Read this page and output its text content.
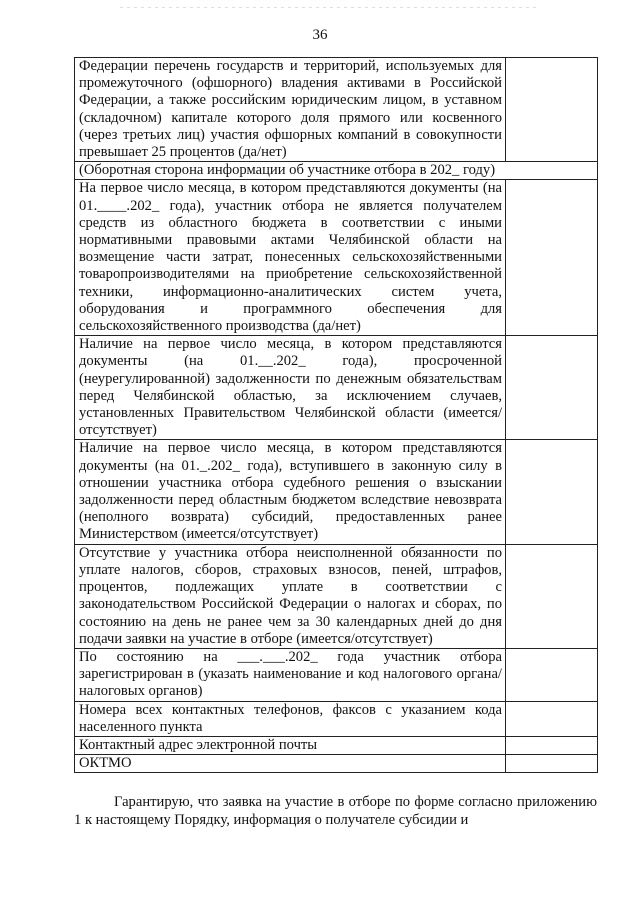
36
Федерации перечень государств и территорий, используемых для промежуточного (офшорного) владения активами в Российской Федерации, а также российским юридическим лицом, в уставном (складочном) капитале которого доля прямого или косвенного (через третьих лиц) участия офшорных компаний в совокупности превышает 25 процентов (да/нет)	
(Оборотная сторона информации об участнике отбора в 202_ году)	
На первое число месяца, в котором представляются документы (на 01.____.202_ года), участник отбора не является получателем средств из областного бюджета в соответствии с иными нормативными правовыми актами Челябинской области на возмещение части затрат, понесенных сельскохозяйственными товаропроизводителями на приобретение сельскохозяйственной техники, информационно-аналитических систем учета, оборудования и программного обеспечения для сельскохозяйственного производства (да/нет)	
Наличие на первое число месяца, в котором представляются документы (на 01.__.202_ года), просроченной (неурегулированной) задолженности по денежным обязательствам перед Челябинской областью, за исключением случаев, установленных Правительством Челябинской области (имеется/отсутствует)	
Наличие на первое число месяца, в котором представляются документы (на 01._.202_ года), вступившего в законную силу в отношении участника отбора судебного решения о взыскании задолженности перед областным бюджетом вследствие невозврата (неполного возврата) субсидий, предоставленных ранее Министерством (имеется/отсутствует)	
Отсутствие у участника отбора неисполненной обязанности по уплате налогов, сборов, страховых взносов, пеней, штрафов, процентов, подлежащих уплате в соответствии с законодательством Российской Федерации о налогах и сборах, по состоянию на день не ранее чем за 30 календарных дней до дня подачи заявки на участие в отборе (имеется/отсутствует)	
По состоянию на ___.___.202_ года участник отбора зарегистрирован в (указать наименование и код налогового органа/налоговых органов)	
Номера всех контактных телефонов, факсов с указанием кода населенного пункта	
Контактный адрес электронной почты	
ОКТМО	

Гарантирую, что заявка на участие в отборе по форме согласно приложению 1 к настоящему Порядку, информация о получателе субсидии и
